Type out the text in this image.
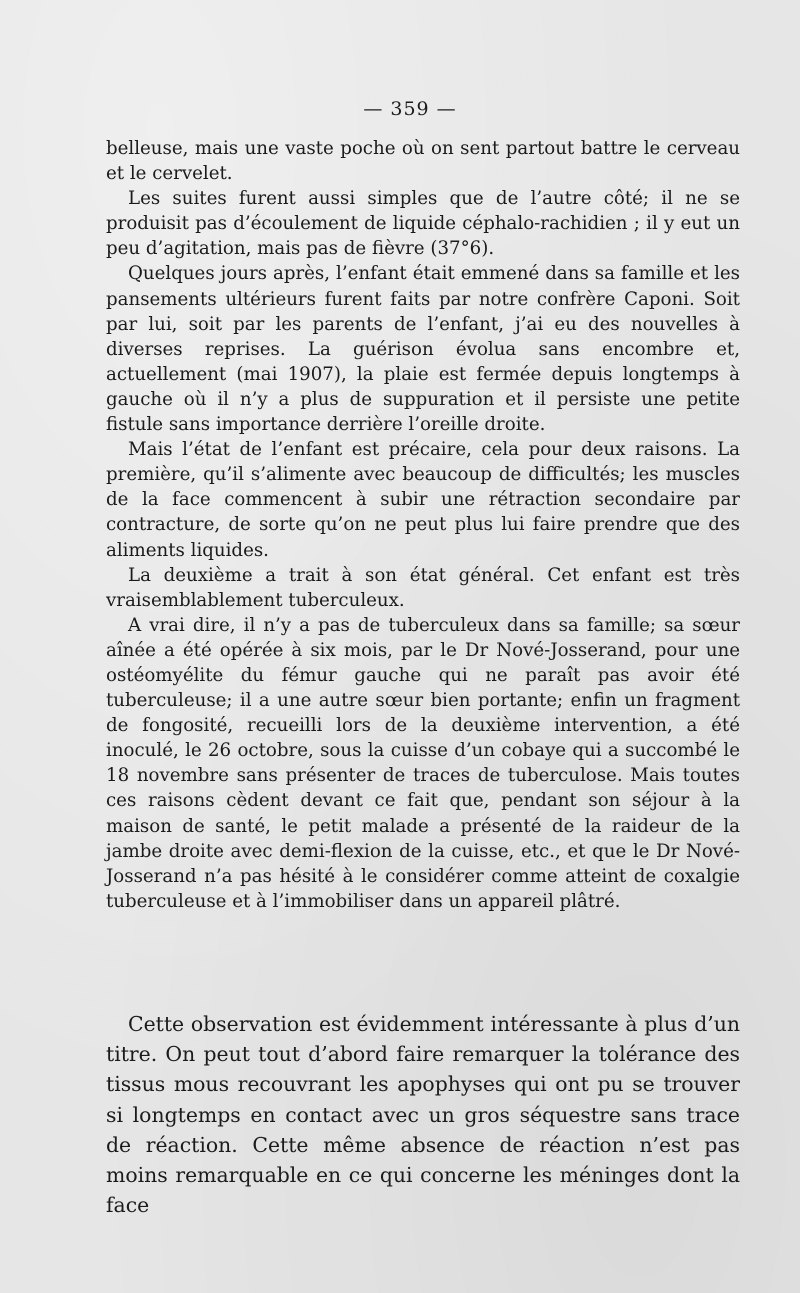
— 359 —

belleuse, mais une vaste poche où on sent partout battre le cerveau et le cervelet.

Les suites furent aussi simples que de l’autre côté; il ne se produisit pas d’écoulement de liquide céphalo-rachidien ; il y eut un peu d’agitation, mais pas de fièvre (37°6).

Quelques jours après, l’enfant était emmené dans sa famille et les pansements ultérieurs furent faits par notre confrère Caponi. Soit par lui, soit par les parents de l’enfant, j’ai eu des nouvelles à diverses reprises. La guérison évolua sans encombre et, actuellement (mai 1907), la plaie est fermée depuis longtemps à gauche où il n’y a plus de suppuration et il persiste une petite fistule sans importance derrière l’oreille droite.

Mais l’état de l’enfant est précaire, cela pour deux raisons. La première, qu’il s’alimente avec beaucoup de difficultés; les muscles de la face commencent à subir une rétraction secondaire par contracture, de sorte qu’on ne peut plus lui faire prendre que des aliments liquides.

La deuxième a trait à son état général. Cet enfant est très vraisemblablement tuberculeux.

A vrai dire, il n’y a pas de tuberculeux dans sa famille; sa sœur aînée a été opérée à six mois, par le Dr Nové-Josserand, pour une ostéomyélite du fémur gauche qui ne paraît pas avoir été tuberculeuse; il a une autre sœur bien portante; enfin un fragment de fongosité, recueilli lors de la deuxième intervention, a été inoculé, le 26 octobre, sous la cuisse d’un cobaye qui a succombé le 18 novembre sans présenter de traces de tuberculose. Mais toutes ces raisons cèdent devant ce fait que, pendant son séjour à la maison de santé, le petit malade a présenté de la raideur de la jambe droite avec demi-flexion de la cuisse, etc., et que le Dr Nové-Josserand n’a pas hésité à le considérer comme atteint de coxalgie tuberculeuse et à l’immobiliser dans un appareil plâtré.

Cette observation est évidemment intéressante à plus d’un titre. On peut tout d’abord faire remarquer la tolérance des tissus mous recouvrant les apophyses qui ont pu se trouver si longtemps en contact avec un gros séquestre sans trace de réaction. Cette même absence de réaction n’est pas moins remarquable en ce qui concerne les méninges dont la face
